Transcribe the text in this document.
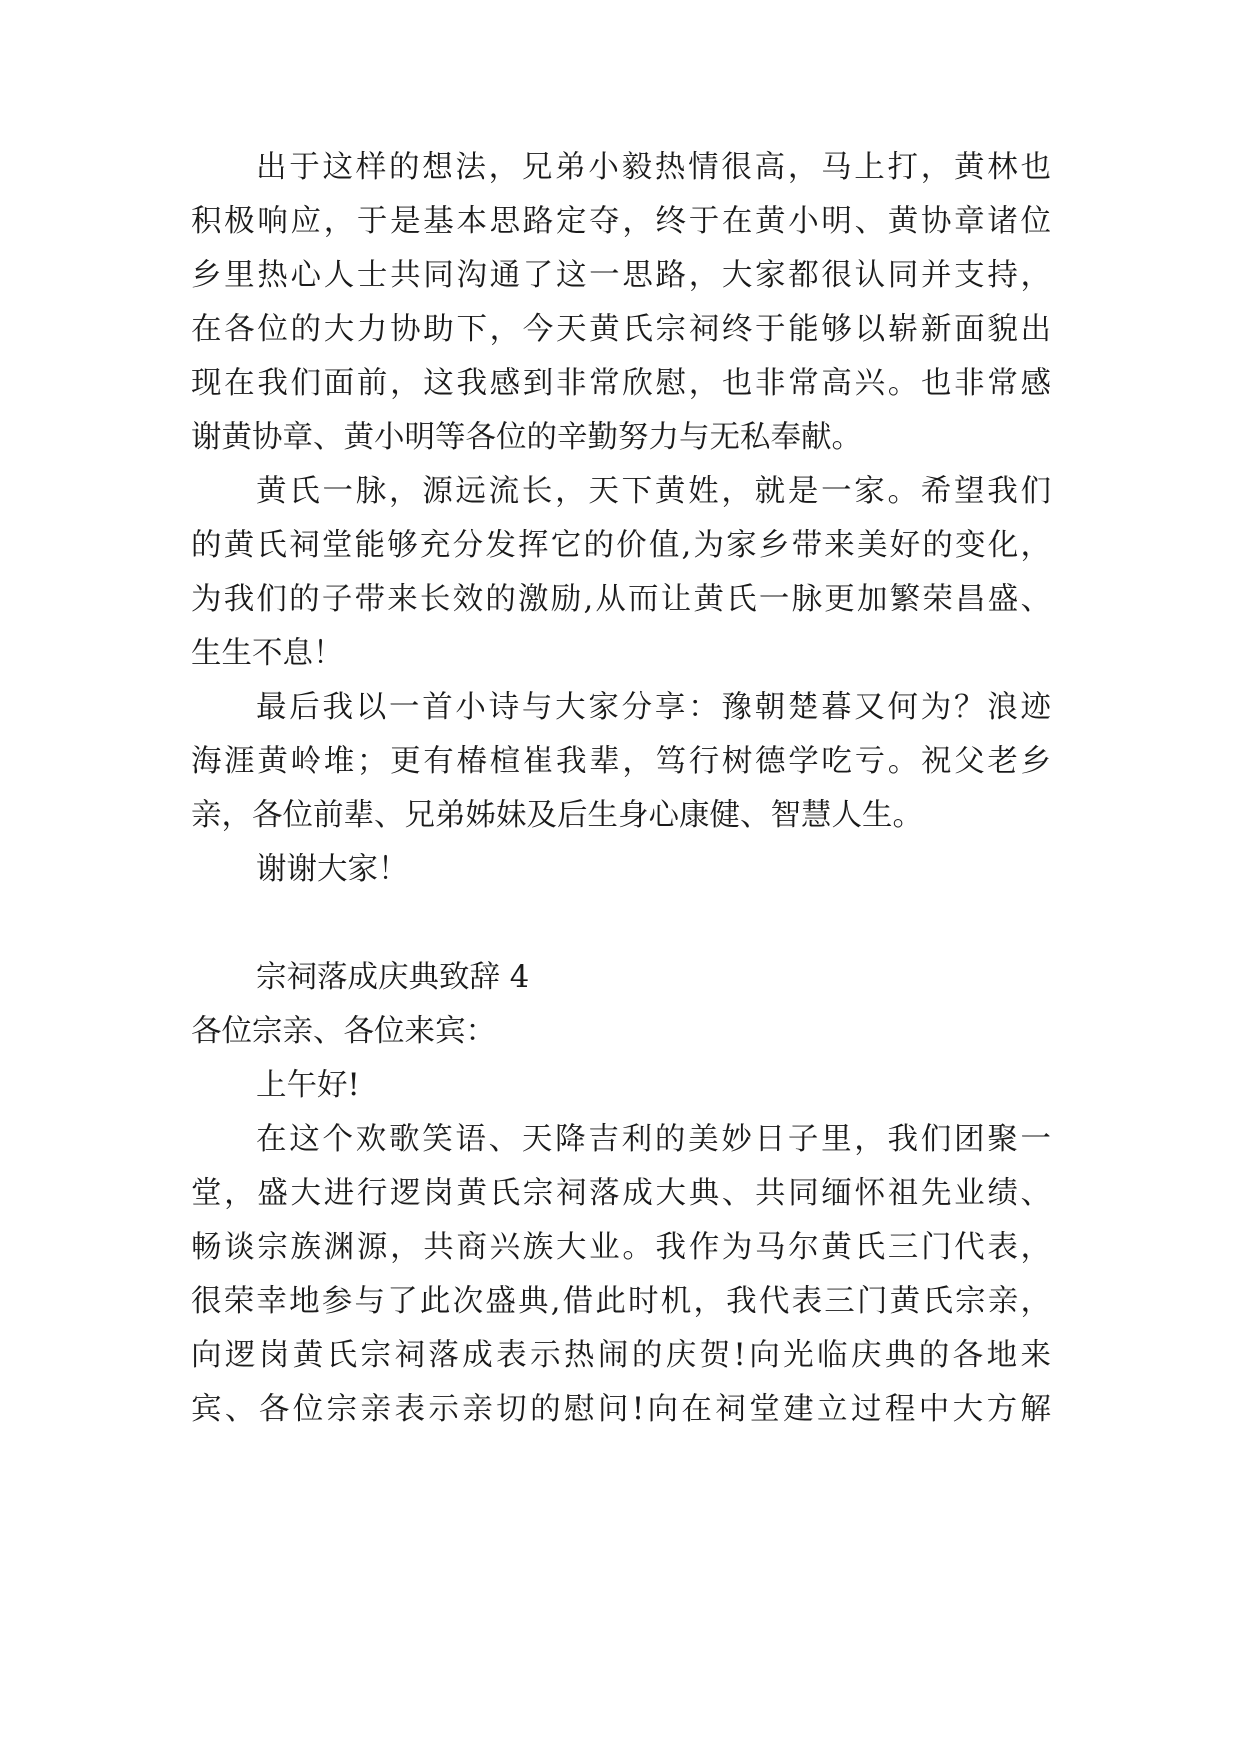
出于这样的想法，兄弟小毅热情很高，马上打，黄林也
积极响应，于是基本思路定夺，终于在黄小明、黄协章诸位
乡里热心人士共同沟通了这一思路，大家都很认同并支持，
在各位的大力协助下，今天黄氏宗祠终于能够以崭新面貌出
现在我们面前，这我感到非常欣慰，也非常高兴。也非常感
谢黄协章、黄小明等各位的辛勤努力与无私奉献。
黄氏一脉，源远流长，天下黄姓，就是一家。希望我们
的黄氏祠堂能够充分发挥它的价值,为家乡带来美好的变化，
为我们的子带来长效的激励,从而让黄氏一脉更加繁荣昌盛、
生生不息！
最后我以一首小诗与大家分享：豫朝楚暮又何为？浪迹
海涯黄岭堆；更有椿楦崔我辈，笃行树德学吃亏。祝父老乡
亲，各位前辈、兄弟姊妹及后生身心康健、智慧人生。
谢谢大家！
宗祠落成庆典致辞 4
各位宗亲、各位来宾：
上午好!
在这个欢歌笑语、天降吉利的美妙日子里，我们团聚一
堂，盛大进行逻岗黄氏宗祠落成大典、共同缅怀祖先业绩、
畅谈宗族渊源，共商兴族大业。我作为马尔黄氏三门代表，
很荣幸地参与了此次盛典,借此时机，我代表三门黄氏宗亲，
向逻岗黄氏宗祠落成表示热闹的庆贺!向光临庆典的各地来
宾、各位宗亲表示亲切的慰问!向在祠堂建立过程中大方解
